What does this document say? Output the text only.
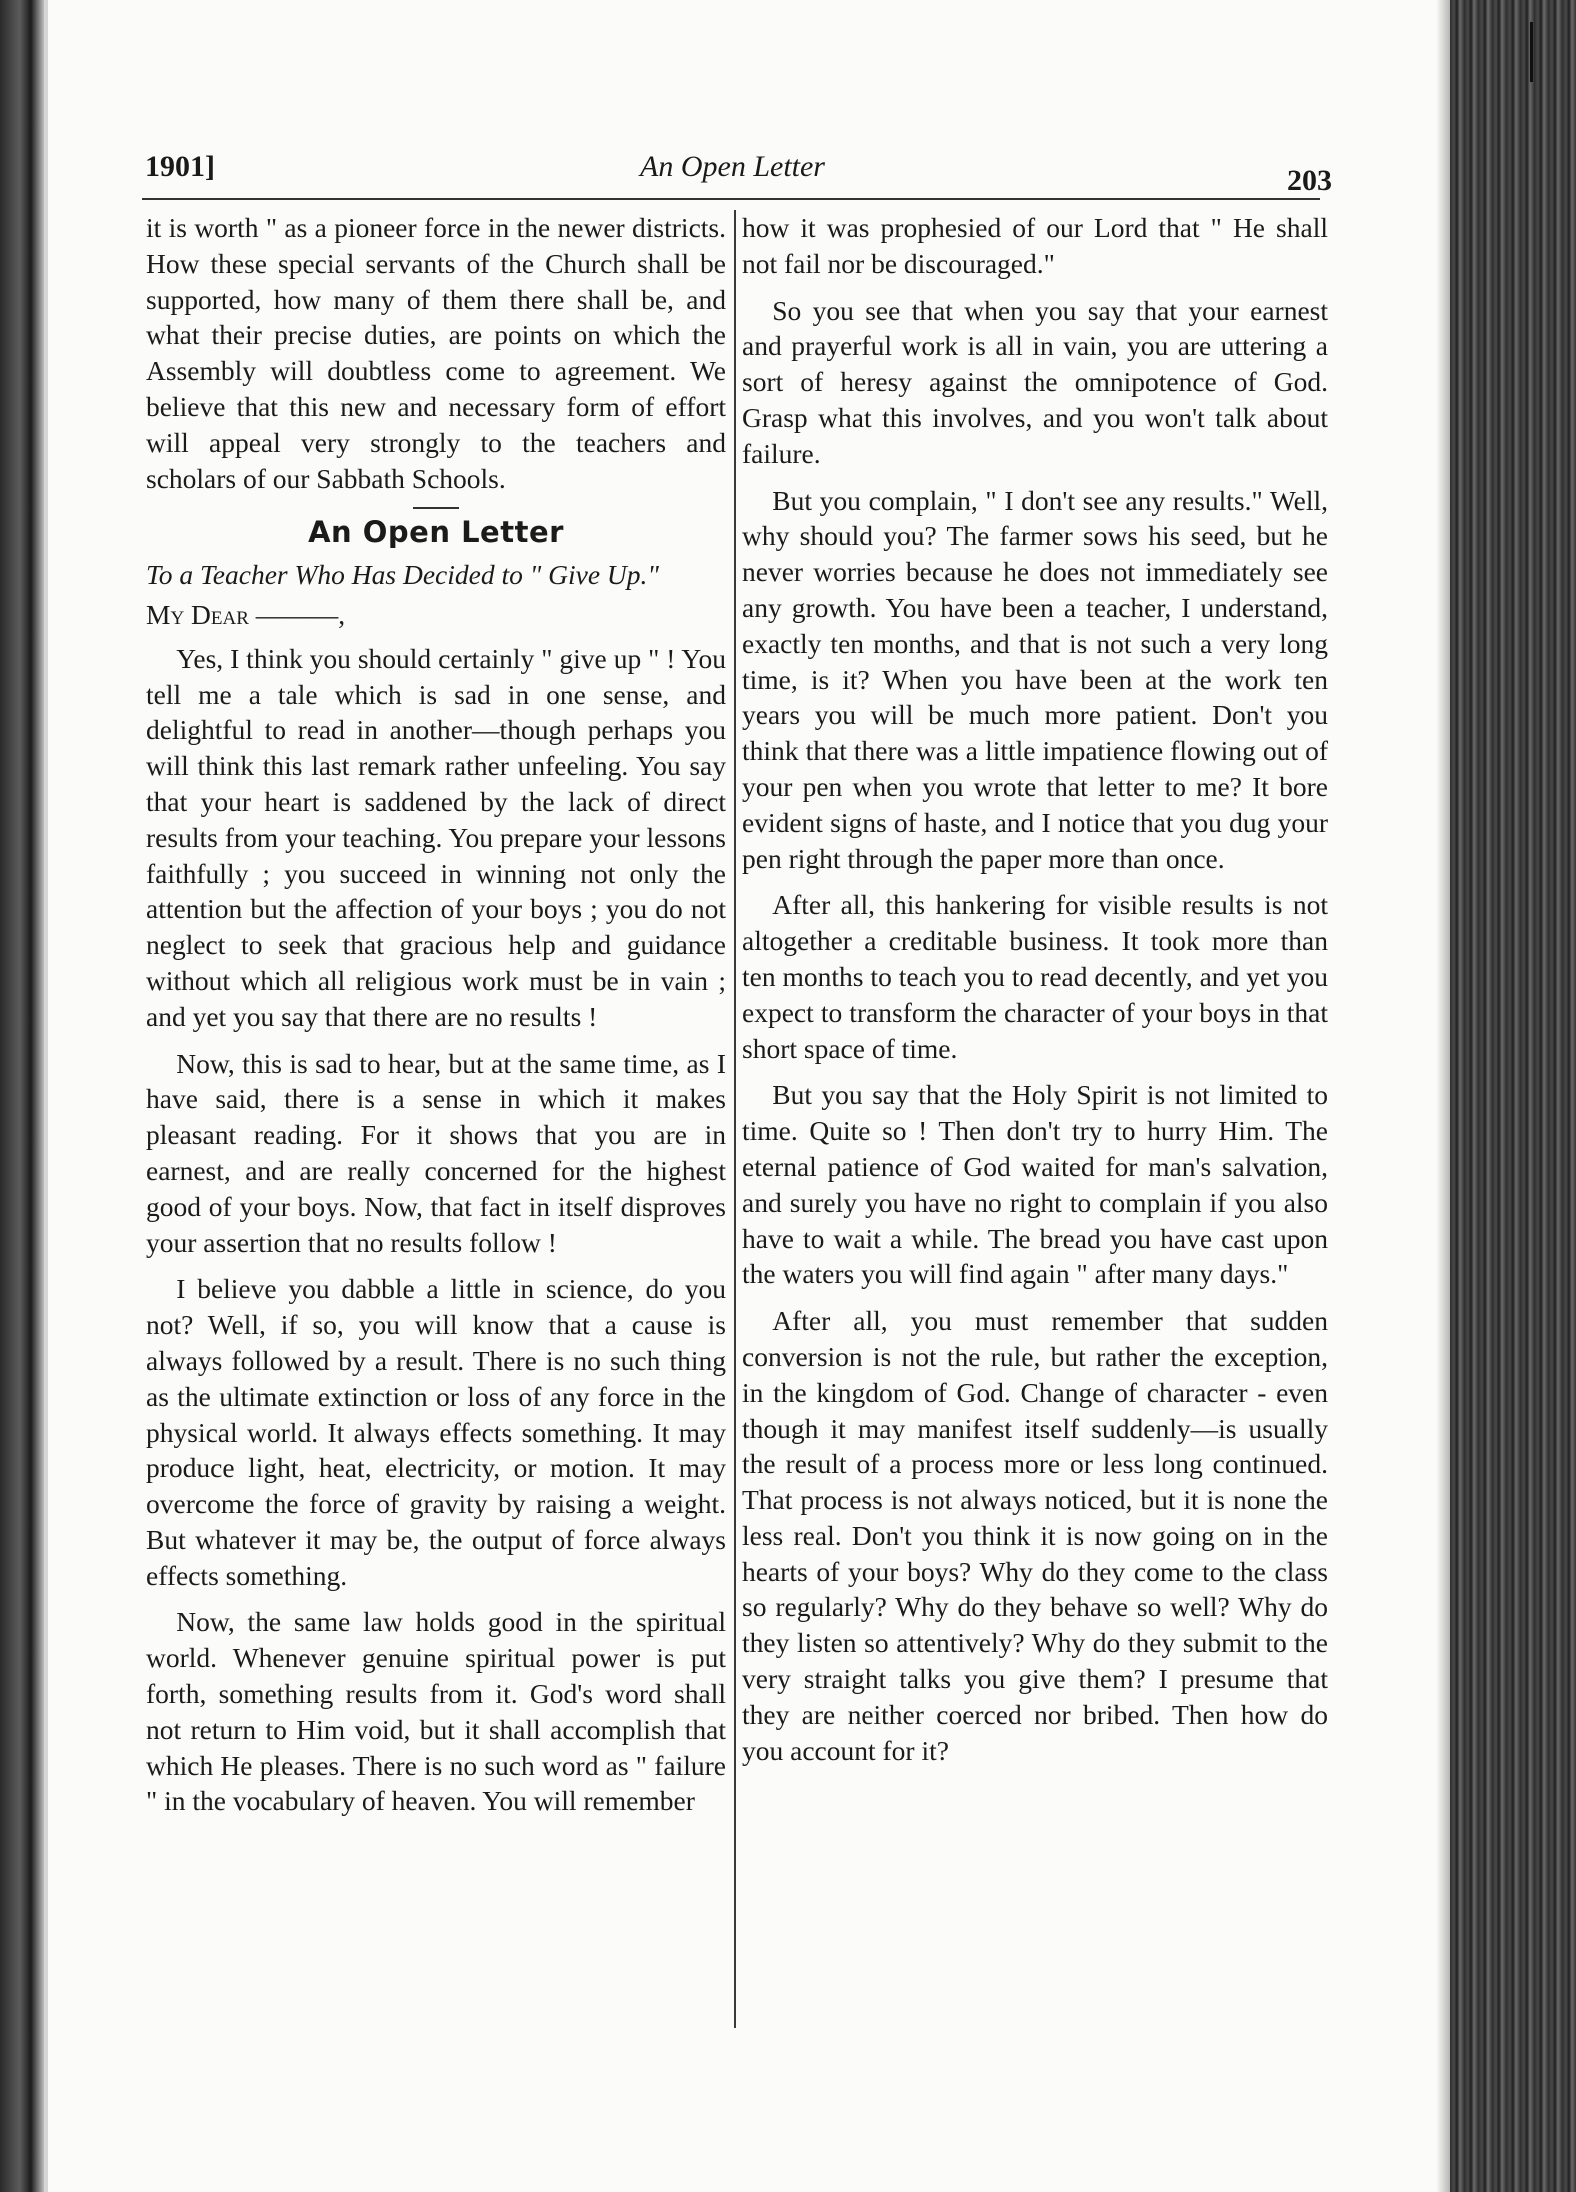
1901]	An Open Letter	203

it is worth " as a pioneer force in the newer districts. How these special servants of the Church shall be supported, how many of them there shall be, and what their precise duties, are points on which the Assembly will doubtless come to agreement. We believe that this new and necessary form of effort will appeal very strongly to the teachers and scholars of our Sabbath Schools.

An Open Letter

To a Teacher Who Has Decided to " Give Up."

My Dear ———,

Yes, I think you should certainly " give up " ! You tell me a tale which is sad in one sense, and delightful to read in another—though perhaps you will think this last remark rather unfeeling. You say that your heart is saddened by the lack of direct results from your teaching. You prepare your lessons faithfully ; you succeed in winning not only the attention but the affection of your boys ; you do not neglect to seek that gracious help and guidance without which all religious work must be in vain ; and yet you say that there are no results !

Now, this is sad to hear, but at the same time, as I have said, there is a sense in which it makes pleasant reading. For it shows that you are in earnest, and are really concerned for the highest good of your boys. Now, that fact in itself disproves your assertion that no results follow !

I believe you dabble a little in science, do you not? Well, if so, you will know that a cause is always followed by a result. There is no such thing as the ultimate extinction or loss of any force in the physical world. It always effects something. It may produce light, heat, electricity, or motion. It may overcome the force of gravity by raising a weight. But whatever it may be, the output of force always effects something.

Now, the same law holds good in the spiritual world. Whenever genuine spiritual power is put forth, something results from it. God's word shall not return to Him void, but it shall accomplish that which He pleases. There is no such word as " failure " in the vocabulary of heaven. You will remember

how it was prophesied of our Lord that " He shall not fail nor be discouraged."

So you see that when you say that your earnest and prayerful work is all in vain, you are uttering a sort of heresy against the omnipotence of God. Grasp what this involves, and you won't talk about failure.

But you complain, " I don't see any results." Well, why should you? The farmer sows his seed, but he never worries because he does not immediately see any growth. You have been a teacher, I understand, exactly ten months, and that is not such a very long time, is it? When you have been at the work ten years you will be much more patient. Don't you think that there was a little impatience flowing out of your pen when you wrote that letter to me? It bore evident signs of haste, and I notice that you dug your pen right through the paper more than once.

After all, this hankering for visible results is not altogether a creditable business. It took more than ten months to teach you to read decently, and yet you expect to transform the character of your boys in that short space of time.

But you say that the Holy Spirit is not limited to time. Quite so ! Then don't try to hurry Him. The eternal patience of God waited for man's salvation, and surely you have no right to complain if you also have to wait a while. The bread you have cast upon the waters you will find again " after many days."

After all, you must remember that sudden conversion is not the rule, but rather the exception, in the kingdom of God. Change of character - even though it may manifest itself suddenly—is usually the result of a process more or less long continued. That process is not always noticed, but it is none the less real. Don't you think it is now going on in the hearts of your boys? Why do they come to the class so regularly? Why do they behave so well? Why do they listen so attentively? Why do they submit to the very straight talks you give them? I presume that they are neither coerced nor bribed. Then how do you account for it?
